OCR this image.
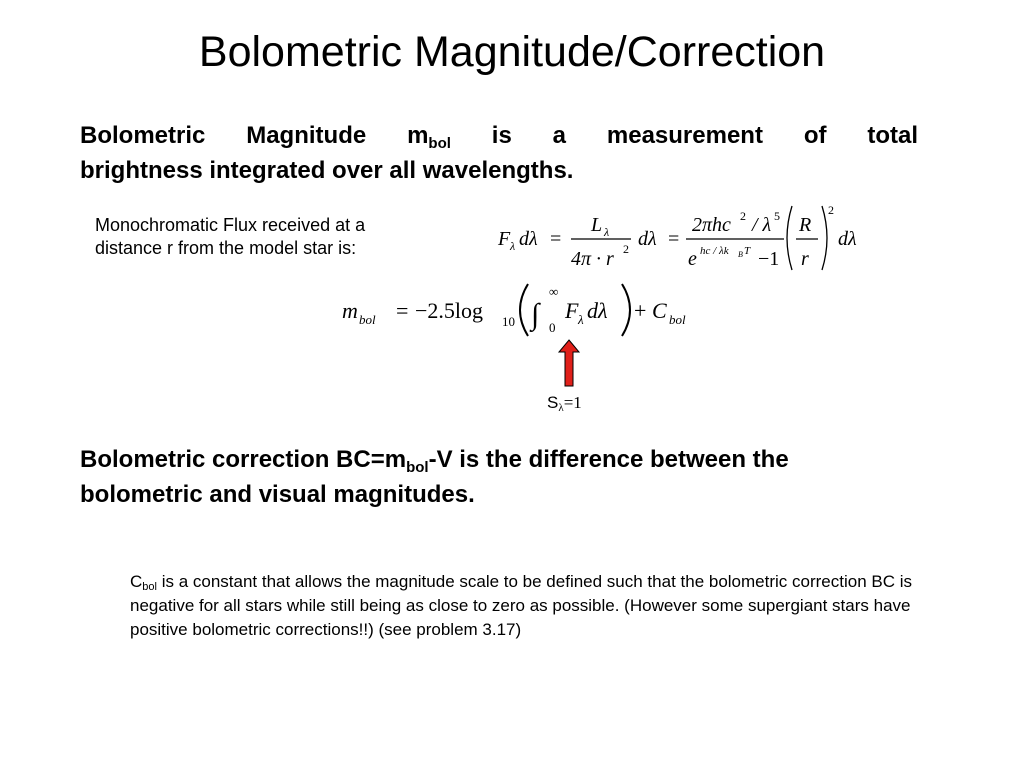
Bolometric Magnitude/Correction
Bolometric Magnitude $m_{bol}$ is a measurement of total
brightness integrated over all wavelengths.
Monochromatic Flux received at a
distance r from the model star is:	F λ dλ =
L λ
4π · r 2 dλ =
2πhc 2 / λ 5
e hc / λk B T −1
R
r
2
dλ
m bol = −2.5log 10 ∫
∞
0
F λ dλ + C bol
Sλ=1
Bolometric correction $BC=m_{bol}-V$ is the difference between the
bolometric and visual magnitudes.
$C_{bol}$ is a constant that allows the magnitude scale to be defined such that the bolometric correction BC is negative for all stars while still being as close to zero as possible. (However some supergiant stars have positive bolometric corrections!!) (see problem 3.17)
